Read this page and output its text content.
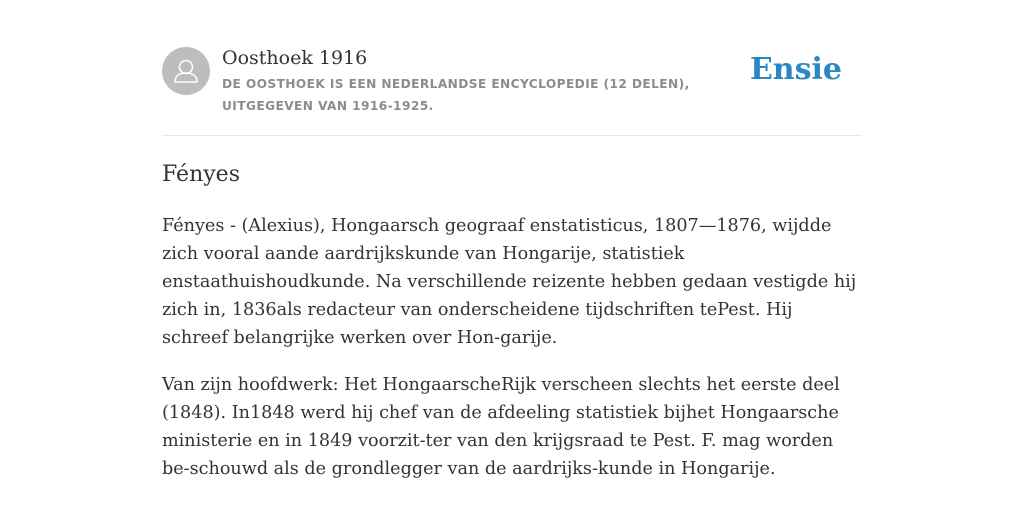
Oosthoek 1916
DE OOSTHOEK IS EEN NEDERLANDSE ENCYCLOPEDIE (12 DELEN), UITGEGEVEN VAN 1916-1925.
Ensie
Fényes

Fényes - (Alexius), Hongaarsch geograaf enstatisticus, 1807—1876, wijdde zich vooral aande aardrijkskunde van Hongarije, statistiek enstaathuishoudkunde. Na verschillende reizente hebben gedaan vestigde hij zich in, 1836als redacteur van onderscheidene tijdschriften tePest. Hij schreef belangrijke werken over Hon-garije.

Van zijn hoofdwerk: Het HongaarscheRijk verscheen slechts het eerste deel (1848). In1848 werd hij chef van de afdeeling statistiek bijhet Hongaarsche ministerie en in 1849 voorzit-ter van den krijgsraad te Pest. F. mag worden be-schouwd als de grondlegger van de aardrijks-kunde in Hongarije.
